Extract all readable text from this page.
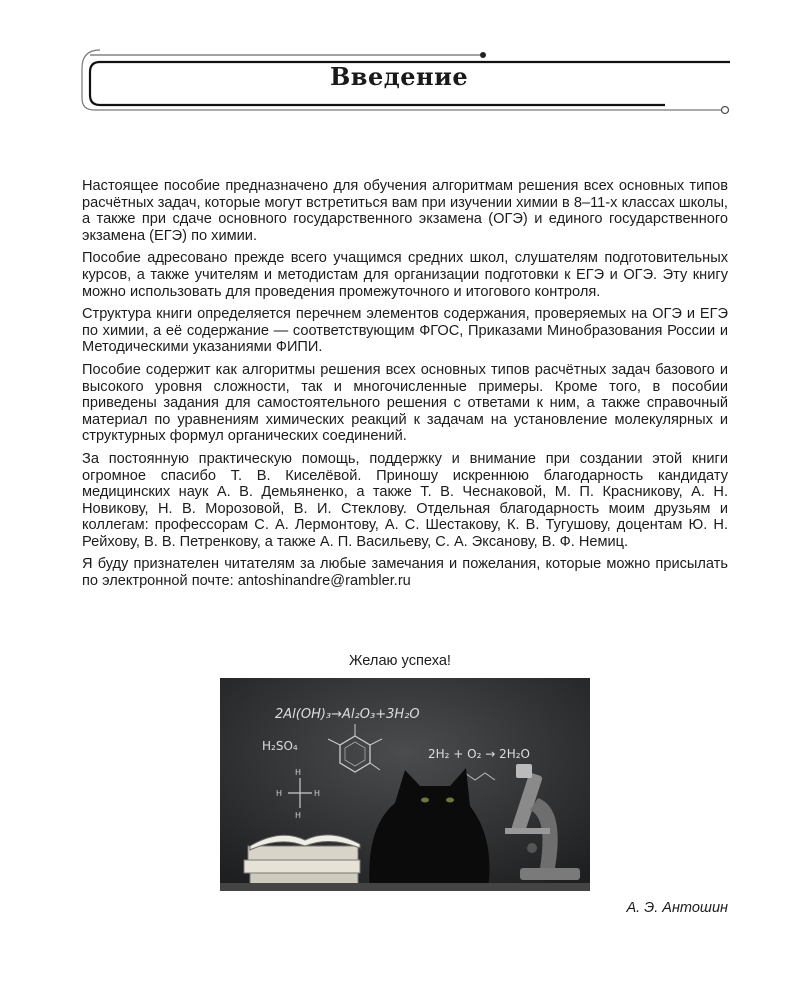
Введение

Настоящее пособие предназначено для обучения алгоритмам решения всех основных типов расчётных задач, которые могут встретиться вам при изучении химии в 8–11-х классах школы, а также при сдаче основного государственного экзамена (ОГЭ) и единого государственного экзамена (ЕГЭ) по химии.

Пособие адресовано прежде всего учащимся средних школ, слушателям подготовительных курсов, а также учителям и методистам для организации подготовки к ЕГЭ и ОГЭ. Эту книгу можно использовать для проведения промежуточного и итогового контроля.

Структура книги определяется перечнем элементов содержания, проверяемых на ОГЭ и ЕГЭ по химии, а её содержание — соответствующим ФГОС, Приказами Минобразования России и Методическими указаниями ФИПИ.

Пособие содержит как алгоритмы решения всех основных типов расчётных задач базового и высокого уровня сложности, так и многочисленные примеры. Кроме того, в пособии приведены задания для самостоятельного решения с ответами к ним, а также справочный материал по уравнениям химических реакций к задачам на установление молекулярных и структурных формул органических соединений.

За постоянную практическую помощь, поддержку и внимание при создании этой книги огромное спасибо Т. В. Киселёвой. Приношу искреннюю благодарность кандидату медицинских наук А. В. Демьяненко, а также Т. В. Чеснаковой, М. П. Красникову, А. Н. Новикову, Н. В. Морозовой, В. И. Стеклову. Отдельная благодарность моим друзьям и коллегам: профессорам С. А. Лермонтову, А. С. Шестакову, К. В. Тугушову, доцентам Ю. Н. Рейхову, В. В. Петренкову, а также А. П. Васильеву, С. А. Эксанову, В. Ф. Немиц.

Я буду признателен читателям за любые замечания и пожелания, которые можно присылать по электронной почте: antoshinandre@rambler.ru

Желаю успеха!
2Al(OH)₃→Al₂O₃+3H₂O
H₂SO₄
2H₂ + O₂ → 2H₂O
H
H	H
H
А. Э. Антошин
